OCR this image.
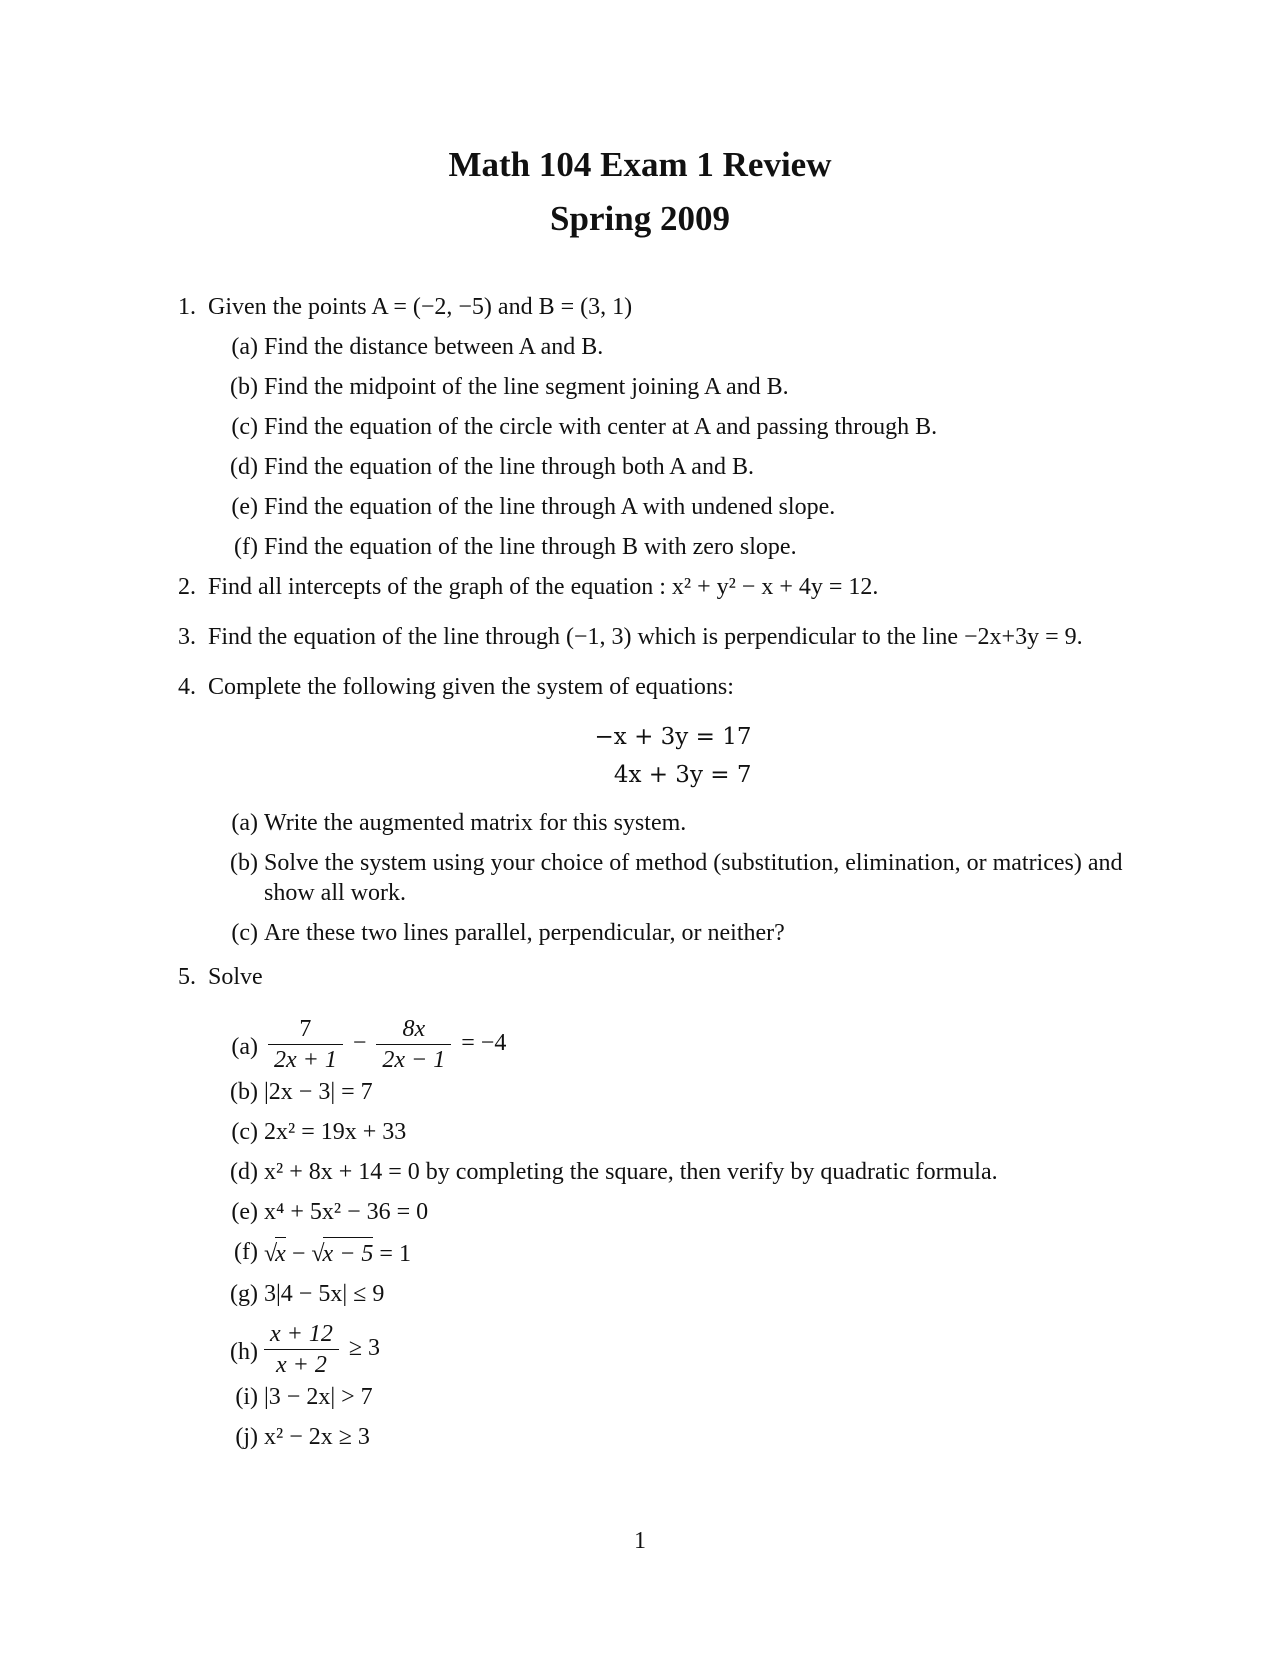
Math 104 Exam 1 Review
Spring 2009
1. Given the points A = (−2, −5) and B = (3, 1)
(a) Find the distance between A and B.
(b) Find the midpoint of the line segment joining A and B.
(c) Find the equation of the circle with center at A and passing through B.
(d) Find the equation of the line through both A and B.
(e) Find the equation of the line through A with undened slope.
(f) Find the equation of the line through B with zero slope.
2. Find all intercepts of the graph of the equation : x² + y² − x + 4y = 12.
3. Find the equation of the line through (−1, 3) which is perpendicular to the line −2x+3y = 9.
4. Complete the following given the system of equations:
−x + 3y = 17
4x + 3y = 7
(a) Write the augmented matrix for this system.
(b) Solve the system using your choice of method (substitution, elimination, or matrices) and show all work.
(c) Are these two lines parallel, perpendicular, or neither?
5. Solve
$(a) \frac{7}{2x + 1} - \frac{8x}{2x - 1} = -4$
(b) |2x − 3| = 7
(c) 2x² = 19x + 33
(d) x² + 8x + 14 = 0 by completing the square, then verify by quadratic formula.
(e) x⁴ + 5x² − 36 = 0
(f) √x − √x − 5 = 1
(g) 3|4 − 5x| ≤ 9
$(h) \frac{x + 12}{x + 2} \ge 3$
(i) |3 − 2x| > 7
(j) x² − 2x ≥ 3
1
